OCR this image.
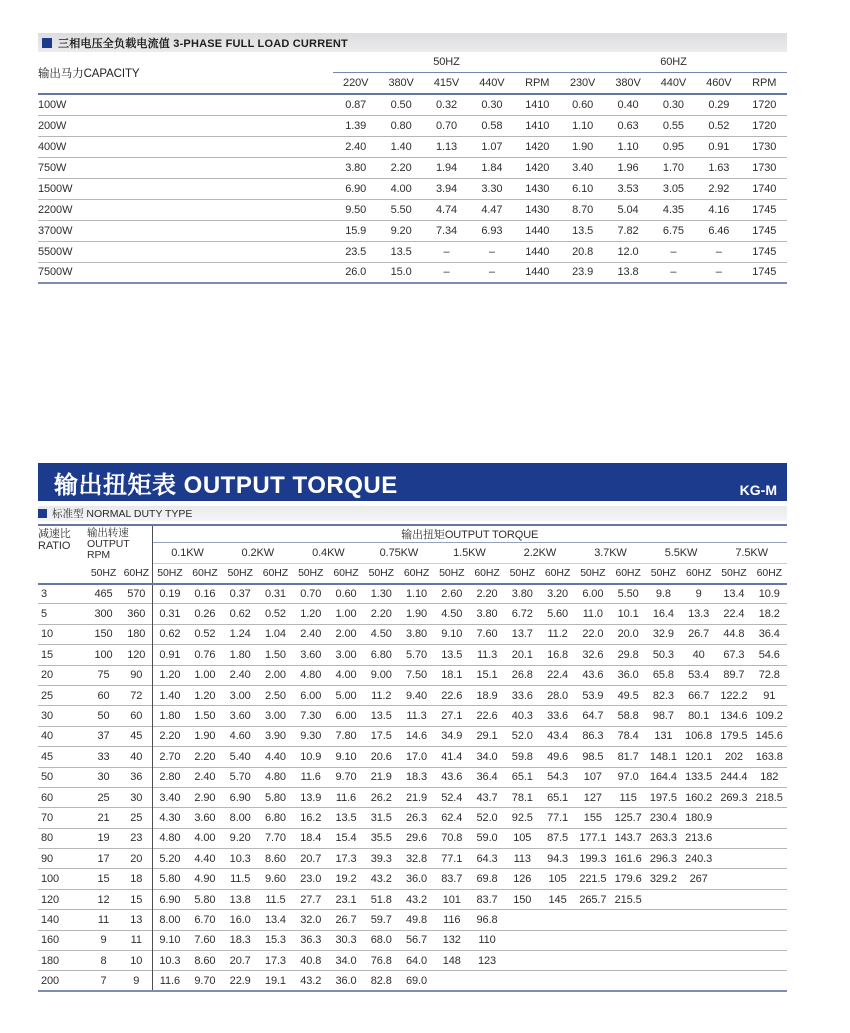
三相电压全负载电流值 3-PHASE FULL LOAD CURRENT
输出马力CAPACITY	50HZ					60HZ				
	220V	380V	415V	440V	RPM	230V	380V	440V	460V	RPM
100W	0.87	0.50	0.32	0.30	1410	0.60	0.40	0.30	0.29	1720
200W	1.39	0.80	0.70	0.58	1410	1.10	0.63	0.55	0.52	1720
400W	2.40	1.40	1.13	1.07	1420	1.90	1.10	0.95	0.91	1730
750W	3.80	2.20	1.94	1.84	1420	3.40	1.96	1.70	1.63	1730
1500W	6.90	4.00	3.94	3.30	1430	6.10	3.53	3.05	2.92	1740
2200W	9.50	5.50	4.74	4.47	1430	8.70	5.04	4.35	4.16	1745
3700W	15.9	9.20	7.34	6.93	1440	13.5	7.82	6.75	6.46	1745
5500W	23.5	13.5	–	–	1440	20.8	12.0	–	–	1745
7500W	26.0	15.0	–	–	1440	23.9	13.8	–	–	1745
输出扭矩表 OUTPUT TORQUE	KG-M
标准型 NORMAL DUTY TYPE
减速比
RATIO

输出转速
OUTPUT
RPM
	输出扭矩OUTPUT TORQUE
			0.1KW		0.2KW		0.4KW		0.75KW		1.5KW		2.2KW		3.7KW		5.5KW		7.5KW	
	50HZ	60HZ	50HZ	60HZ	50HZ	60HZ	50HZ	60HZ	50HZ	60HZ	50HZ	60HZ	50HZ	60HZ	50HZ	60HZ	50HZ	60HZ	50HZ	60HZ
3	465	570	0.19	0.16	0.37	0.31	0.70	0.60	1.30	1.10	2.60	2.20	3.80	3.20	6.00	5.50	9.8	9	13.4	10.9
5	300	360	0.31	0.26	0.62	0.52	1.20	1.00	2.20	1.90	4.50	3.80	6.72	5.60	11.0	10.1	16.4	13.3	22.4	18.2
10	150	180	0.62	0.52	1.24	1.04	2.40	2.00	4.50	3.80	9.10	7.60	13.7	11.2	22.0	20.0	32.9	26.7	44.8	36.4
15	100	120	0.91	0.76	1.80	1.50	3.60	3.00	6.80	5.70	13.5	11.3	20.1	16.8	32.6	29.8	50.3	40	67.3	54.6
20	75	90	1.20	1.00	2.40	2.00	4.80	4.00	9.00	7.50	18.1	15.1	26.8	22.4	43.6	36.0	65.8	53.4	89.7	72.8
25	60	72	1.40	1.20	3.00	2.50	6.00	5.00	11.2	9.40	22.6	18.9	33.6	28.0	53.9	49.5	82.3	66.7	122.2	91
30	50	60	1.80	1.50	3.60	3.00	7.30	6.00	13.5	11.3	27.1	22.6	40.3	33.6	64.7	58.8	98.7	80.1	134.6	109.2
40	37	45	2.20	1.90	4.60	3.90	9.30	7.80	17.5	14.6	34.9	29.1	52.0	43.4	86.3	78.4	131	106.8	179.5	145.6
45	33	40	2.70	2.20	5.40	4.40	10.9	9.10	20.6	17.0	41.4	34.0	59.8	49.6	98.5	81.7	148.1	120.1	202	163.8
50	30	36	2.80	2.40	5.70	4.80	11.6	9.70	21.9	18.3	43.6	36.4	65.1	54.3	107	97.0	164.4	133.5	244.4	182
60	25	30	3.40	2.90	6.90	5.80	13.9	11.6	26.2	21.9	52.4	43.7	78.1	65.1	127	115	197.5	160.2	269.3	218.5
70	21	25	4.30	3.60	8.00	6.80	16.2	13.5	31.5	26.3	62.4	52.0	92.5	77.1	155	125.7	230.4	180.9		
80	19	23	4.80	4.00	9.20	7.70	18.4	15.4	35.5	29.6	70.8	59.0	105	87.5	177.1	143.7	263.3	213.6		
90	17	20	5.20	4.40	10.3	8.60	20.7	17.3	39.3	32.8	77.1	64.3	113	94.3	199.3	161.6	296.3	240.3		
100	15	18	5.80	4.90	11.5	9.60	23.0	19.2	43.2	36.0	83.7	69.8	126	105	221.5	179.6	329.2	267		
120	12	15	6.90	5.80	13.8	11.5	27.7	23.1	51.8	43.2	101	83.7	150	145	265.7	215.5				
140	11	13	8.00	6.70	16.0	13.4	32.0	26.7	59.7	49.8	116	96.8								
160	9	11	9.10	7.60	18.3	15.3	36.3	30.3	68.0	56.7	132	110								
180	8	10	10.3	8.60	20.7	17.3	40.8	34.0	76.8	64.0	148	123								
200	7	9	11.6	9.70	22.9	19.1	43.2	36.0	82.8	69.0										
